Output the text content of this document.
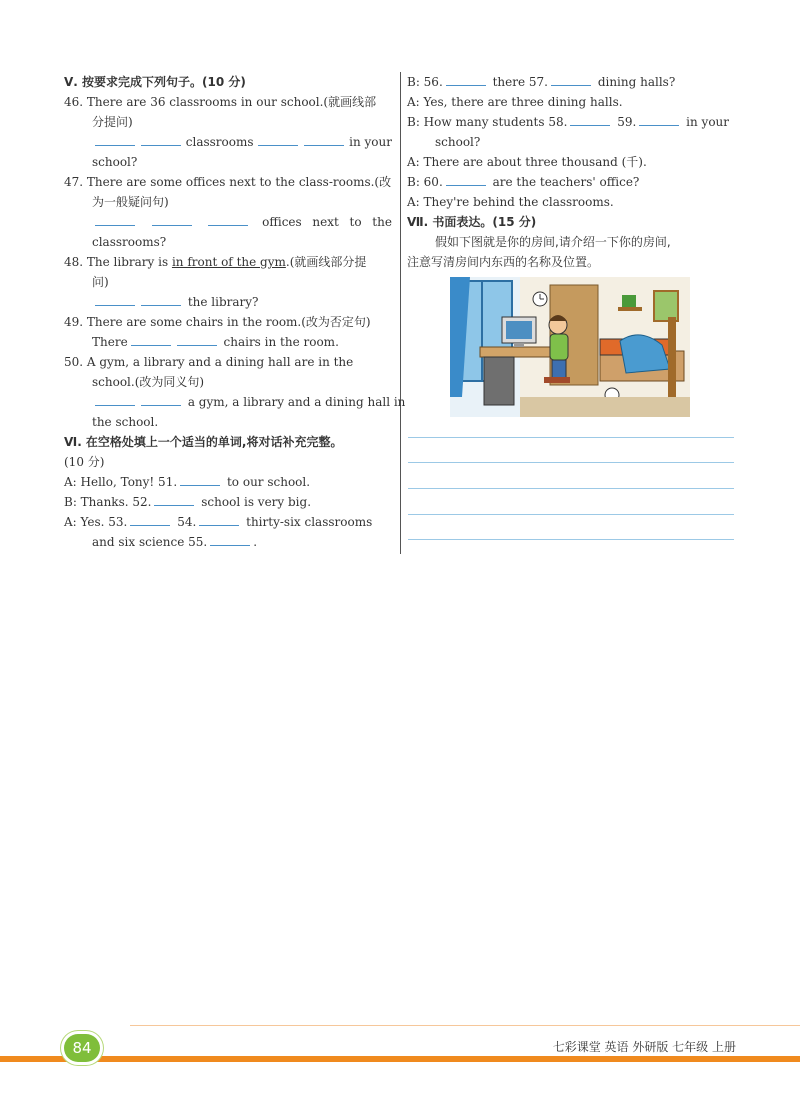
Ⅴ. 按要求完成下列句子。(10 分)
46. There are 36 classrooms in our school.(就画线部
分提问)
classrooms	in your
school?
47. There are some offices next to the class-rooms.(改
为一般疑问句)
offices next to the
classrooms?
48. The library is in front of the gym.(就画线部分提
问)
the library?
49. There are some chairs in the room.(改为否定句)
There	chairs in the room.
50. A gym, a library and a dining hall are in the
school.(改为同义句)
a gym, a library and a dining hall in
the school.
Ⅵ. 在空格处填上一个适当的单词,将对话补充完整。
(10 分)
A: Hello, Tony! 51.	to our school.
B: Thanks. 52.	school is very big.
A: Yes. 53.	54.	thirty-six classrooms
and six science 55.	.
B: 56.	there 57.	dining halls?
A: Yes, there are three dining halls.
B: How many students 58.	59.	in your
school?
A: There are about three thousand (千).
B: 60.	are the teachers' office?
A: They're behind the classrooms.
Ⅶ. 书面表达。(15 分)
假如下图就是你的房间,请介绍一下你的房间,
注意写清房间内东西的名称及位置。
84	七彩课堂 英语 外研版 七年级 上册
